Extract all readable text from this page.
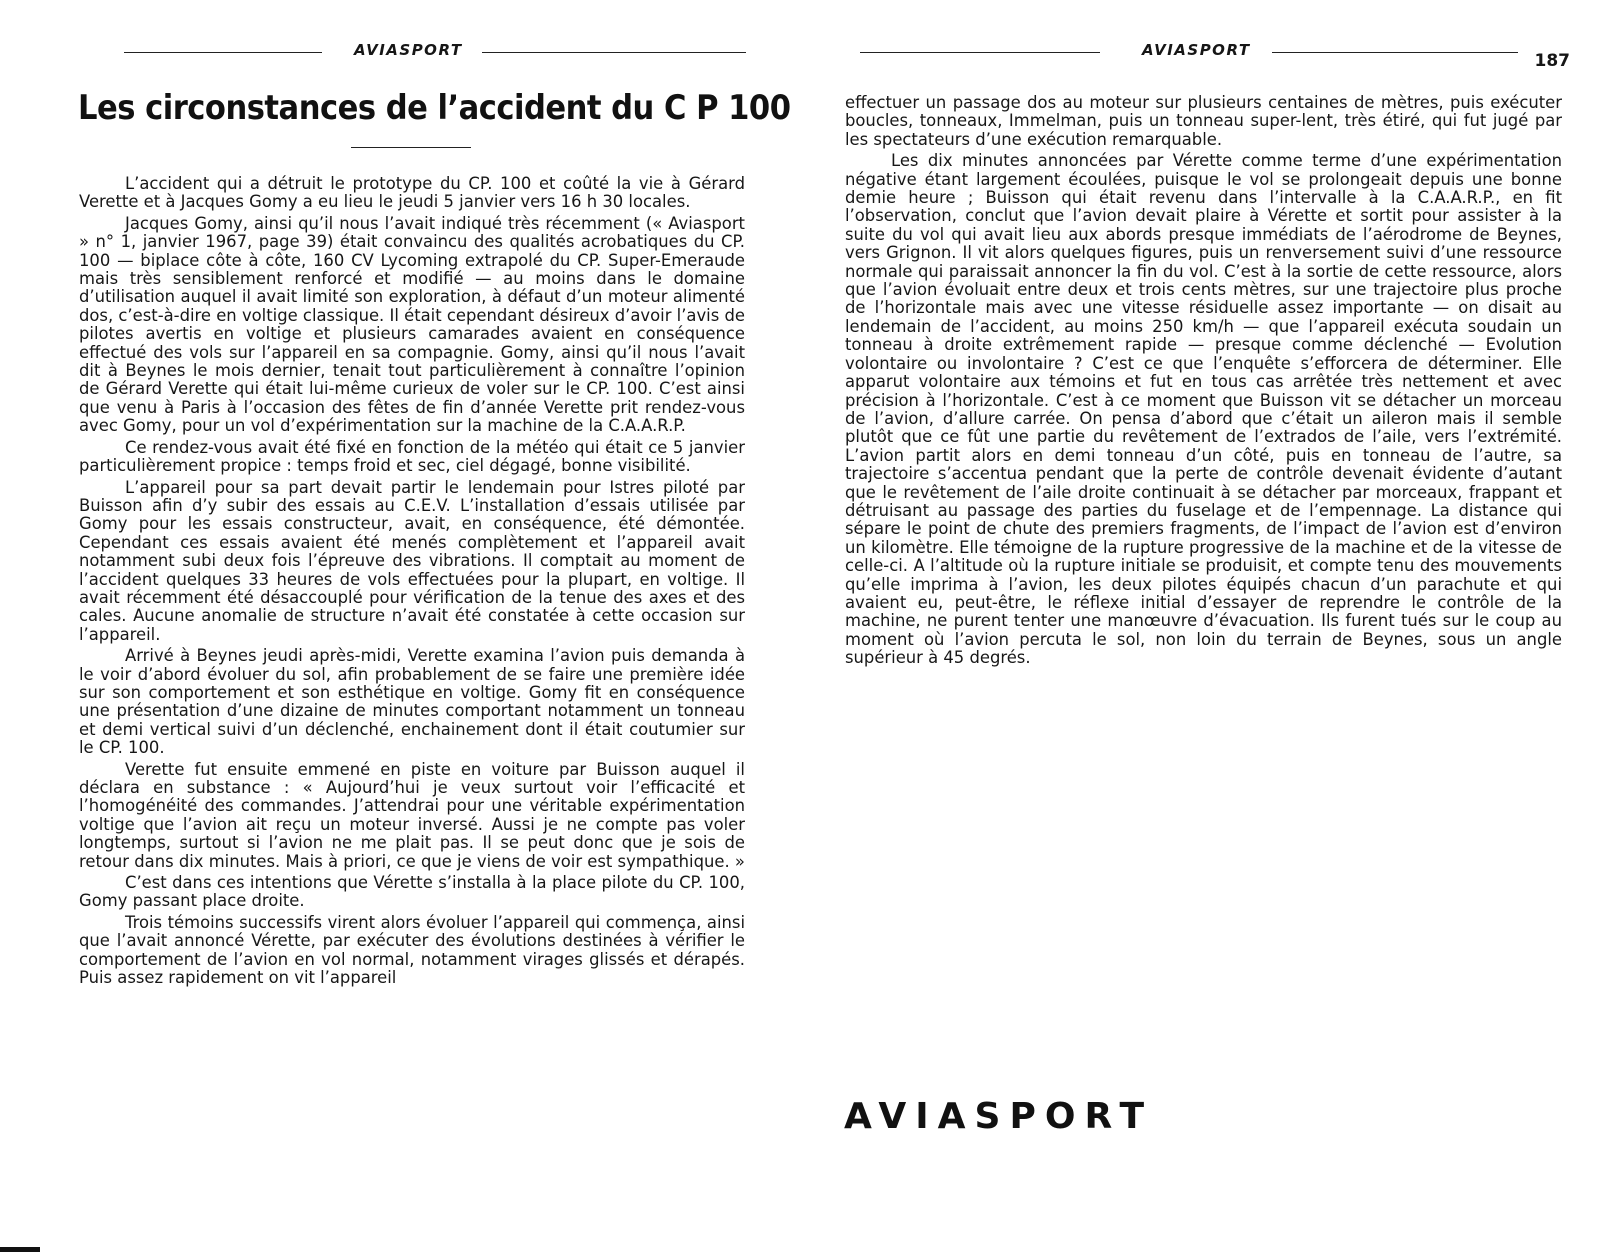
AVIASPORT
Les circonstances de l’accident du C P 100

L’accident qui a détruit le prototype du CP. 100 et coûté la vie à Gérard Verette et à Jacques Gomy a eu lieu le jeudi 5 janvier vers 16 h 30 locales.

Jacques Gomy, ainsi qu’il nous l’avait indiqué très récemment (« Aviasport » n° 1, janvier 1967, page 39) était convaincu des qualités acrobatiques du CP. 100 — biplace côte à côte, 160 CV Lycoming extrapolé du CP. Super-Emeraude mais très sensiblement renforcé et modifié — au moins dans le domaine d’utilisation auquel il avait limité son exploration, à défaut d’un moteur alimenté dos, c’est-à-dire en voltige classique. Il était cependant désireux d’avoir l’avis de pilotes avertis en voltige et plusieurs camarades avaient en conséquence effectué des vols sur l’appareil en sa compagnie. Gomy, ainsi qu’il nous l’avait dit à Beynes le mois dernier, tenait tout particulièrement à connaître l’opinion de Gérard Verette qui était lui-même curieux de voler sur le CP. 100. C’est ainsi que venu à Paris à l’occasion des fêtes de fin d’année Verette prit rendez-vous avec Gomy, pour un vol d’expérimentation sur la machine de la C.A.A.R.P.

Ce rendez-vous avait été fixé en fonction de la météo qui était ce 5 janvier particulièrement propice : temps froid et sec, ciel dégagé, bonne visibilité.

L’appareil pour sa part devait partir le lendemain pour Istres piloté par Buisson afin d’y subir des essais au C.E.V. L’installation d’essais utilisée par Gomy pour les essais constructeur, avait, en conséquence, été démontée. Cependant ces essais avaient été menés complètement et l’appareil avait notamment subi deux fois l’épreuve des vibrations. Il comptait au moment de l’accident quelques 33 heures de vols effectuées pour la plupart, en voltige. Il avait récemment été désaccouplé pour vérification de la tenue des axes et des cales. Aucune anomalie de structure n’avait été constatée à cette occasion sur l’appareil.

Arrivé à Beynes jeudi après-midi, Verette examina l’avion puis demanda à le voir d’abord évoluer du sol, afin probablement de se faire une première idée sur son comportement et son esthétique en voltige. Gomy fit en conséquence une présentation d’une dizaine de minutes comportant notamment un tonneau et demi vertical suivi d’un déclenché, enchainement dont il était coutumier sur le CP. 100.

Verette fut ensuite emmené en piste en voiture par Buisson auquel il déclara en substance : « Aujourd’hui je veux surtout voir l’efficacité et l’homogénéité des commandes. J’attendrai pour une véritable expérimentation voltige que l’avion ait reçu un moteur inversé. Aussi je ne compte pas voler longtemps, surtout si l’avion ne me plait pas. Il se peut donc que je sois de retour dans dix minutes. Mais à priori, ce que je viens de voir est sympathique. »

C’est dans ces intentions que Vérette s’installa à la place pilote du CP. 100, Gomy passant place droite.

Trois témoins successifs virent alors évoluer l’appareil qui commença, ainsi que l’avait annoncé Vérette, par exécuter des évolutions destinées à vérifier le comportement de l’avion en vol normal, notamment virages glissés et dérapés. Puis assez rapidement on vit l’appareil

AVIASPORT
187

effectuer un passage dos au moteur sur plusieurs centaines de mètres, puis exécuter boucles, tonneaux, Immelman, puis un tonneau super-lent, très étiré, qui fut jugé par les spectateurs d’une exécution remarquable.

Les dix minutes annoncées par Vérette comme terme d’une expérimentation négative étant largement écoulées, puisque le vol se prolongeait depuis une bonne demie heure ; Buisson qui était revenu dans l’intervalle à la C.A.A.R.P., en fit l’observation, conclut que l’avion devait plaire à Vérette et sortit pour assister à la suite du vol qui avait lieu aux abords presque immédiats de l’aérodrome de Beynes, vers Grignon. Il vit alors quelques figures, puis un renversement suivi d’une ressource normale qui paraissait annoncer la fin du vol. C’est à la sortie de cette ressource, alors que l’avion évoluait entre deux et trois cents mètres, sur une trajectoire plus proche de l’horizontale mais avec une vitesse résiduelle assez importante — on disait au lendemain de l’accident, au moins 250 km/h — que l’appareil exécuta soudain un tonneau à droite extrêmement rapide — presque comme déclenché — Evolution volontaire ou involontaire ? C’est ce que l’enquête s’efforcera de déterminer. Elle apparut volontaire aux témoins et fut en tous cas arrêtée très nettement et avec précision à l’horizontale. C’est à ce moment que Buisson vit se détacher un morceau de l’avion, d’allure carrée. On pensa d’abord que c’était un aileron mais il semble plutôt que ce fût une partie du revêtement de l’extrados de l’aile, vers l’extrémité. L’avion partit alors en demi tonneau d’un côté, puis en tonneau de l’autre, sa trajectoire s’accentua pendant que la perte de contrôle devenait évidente d’autant que le revêtement de l’aile droite continuait à se détacher par morceaux, frappant et détruisant au passage des parties du fuselage et de l’empennage. La distance qui sépare le point de chute des premiers fragments, de l’impact de l’avion est d’environ un kilomètre. Elle témoigne de la rupture progressive de la machine et de la vitesse de celle-ci. A l’altitude où la rupture initiale se produisit, et compte tenu des mouvements qu’elle imprima à l’avion, les deux pilotes équipés chacun d’un parachute et qui avaient eu, peut-être, le réflexe initial d’essayer de reprendre le contrôle de la machine, ne purent tenter une manœuvre d’évacuation. Ils furent tués sur le coup au moment où l’avion percuta le sol, non loin du terrain de Beynes, sous un angle supérieur à 45 degrés.

AVIASPORT
